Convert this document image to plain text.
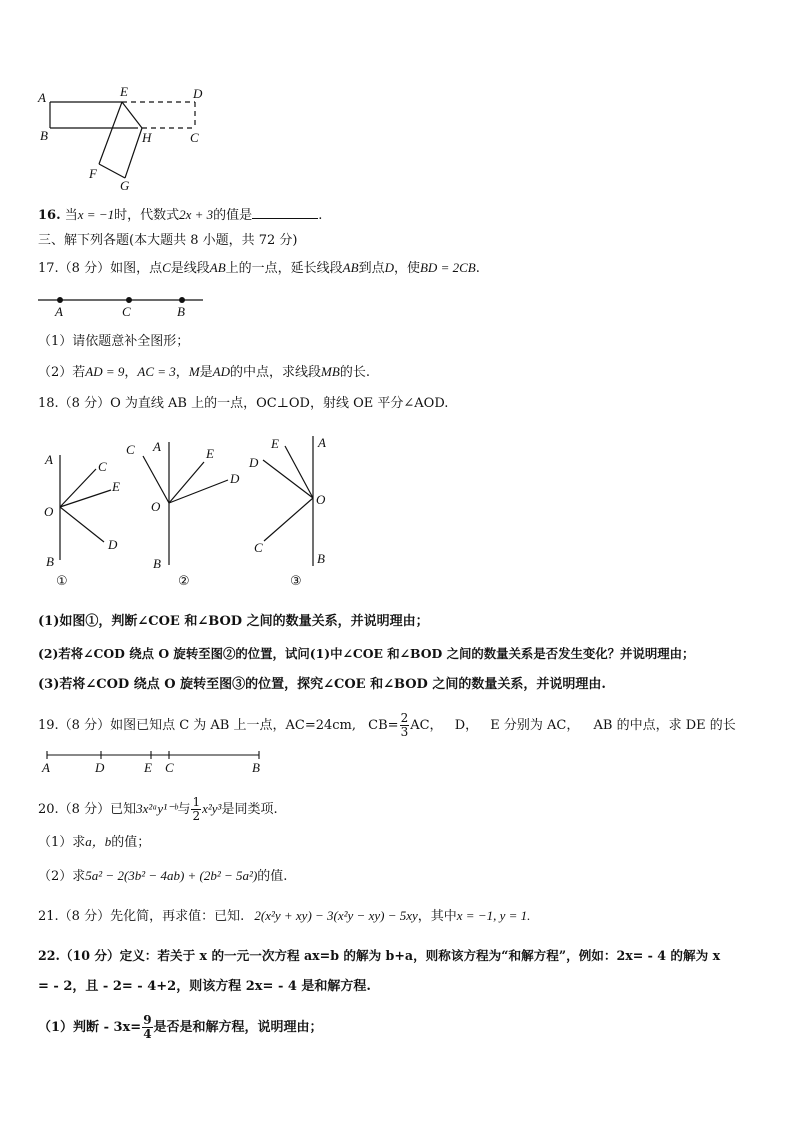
A
B
E	D
C
H
F
G
16. 当x = −1时，代数式2x + 3的值是	.
三、解下列各题(本大题共 8 小题，共 72 分)
17.（8 分）如图，点C是线段AB上的一点，延长线段AB到点D，使BD = 2CB.
A	C	B
（1）请依题意补全图形；
（2）若AD = 9，AC = 3，M是AD的中点，求线段MB的长.
18.（8 分）O 为直线 AB 上的一点，OC⊥OD，射线 OE 平分∠AOD.
A	C
E
O
D
B
①
C A	E
D
O
B
②
E	A
D
O
C
B
③
(1)如图①，判断∠COE 和∠BOD 之间的数量关系，并说明理由；
(2)若将∠COD 绕点 O 旋转至图②的位置，试问(1)中∠COE 和∠BOD 之间的数量关系是否发生变化？并说明理由；
(3)若将∠COD 绕点 O 旋转至图③的位置，探究∠COE 和∠BOD 之间的数量关系，并说明理由.
19.（8 分）如图已知点 C 为 AB 上一点，AC=24cm, $CB= \frac{2}{3}$ AC， D， E 分别为 AC， AB 的中点，求 DE 的长
A	D	E C	B
20.（8 分）已知3x²ᵃy¹⁻ᵇ与 $\frac{1}{2} x^2y^3$是同类项.
（1）求a，b的值；
（2）求5a² − 2(3b² − 4ab) + (2b² − 5a²)的值.
21.（8 分）先化简，再求值：已知. 2(x²y + xy) − 3(x²y − xy) − 5xy，其中x = −1, y = 1.
22.（10 分）定义：若关于 x 的一元一次方程 ax=b 的解为 b+a，则称该方程为“和解方程”，例如：2x= - 4 的解为 x
= - 2，且 - 2= - 4+2，则该方程 2x= - 4 是和解方程.
（1）判断 - $3x= \frac{9}{4}$ 是否是和解方程，说明理由；
